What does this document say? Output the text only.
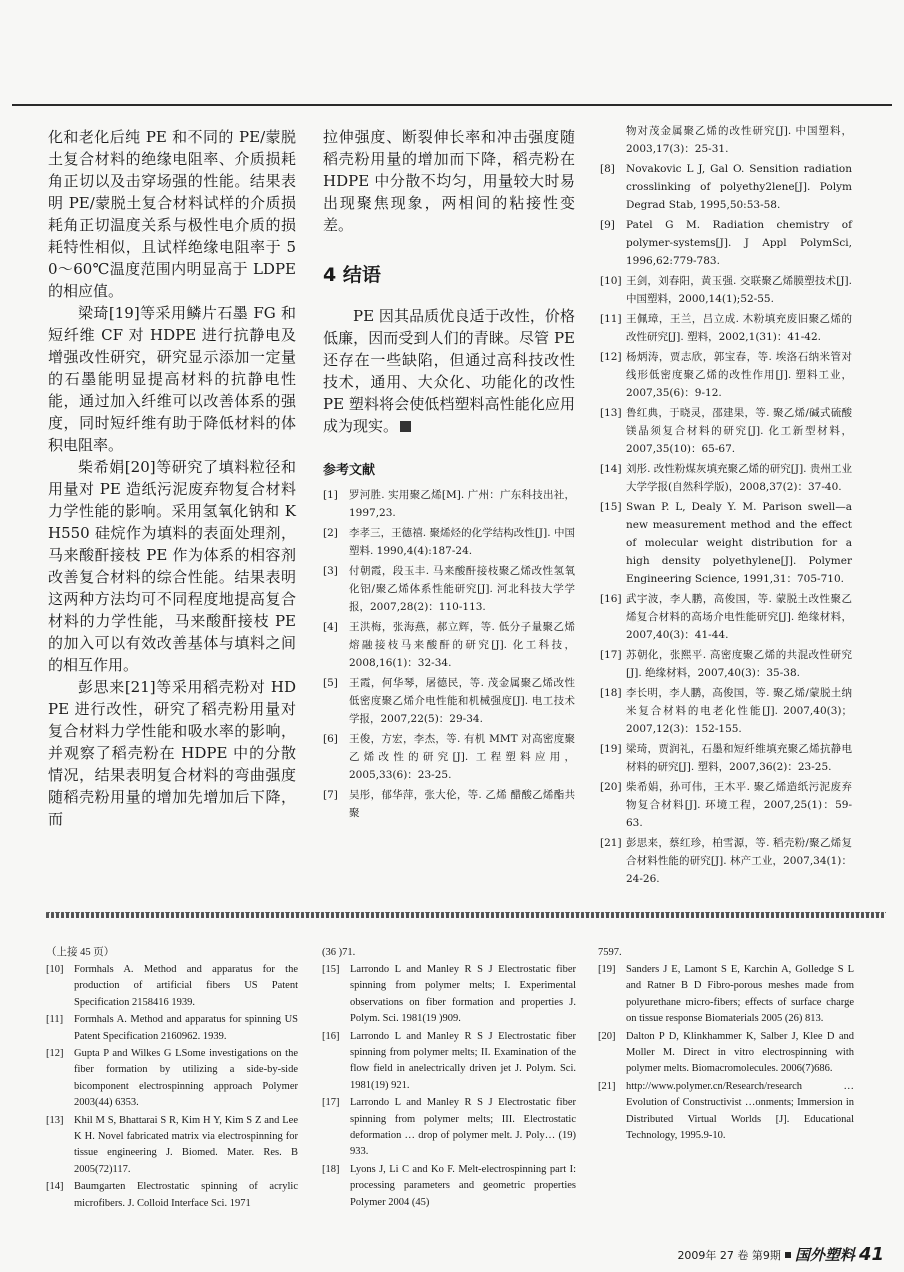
化和老化后纯 PE 和不同的 PE/蒙脱土复合材料的绝缘电阻率、介质损耗角正切以及击穿场强的性能。结果表明 PE/蒙脱土复合材料试样的介质损耗角正切温度关系与极性电介质的损耗特性相似，且试样绝缘电阻率于 50～60℃温度范围内明显高于 LDPE 的相应值。

梁琦[19]等采用鳞片石墨 FG 和短纤维 CF 对 HDPE 进行抗静电及增强改性研究，研究显示添加一定量的石墨能明显提高材料的抗静电性能，通过加入纤维可以改善体系的强度，同时短纤维有助于降低材料的体积电阻率。

柴希娟[20]等研究了填料粒径和用量对 PE 造纸污泥废弃物复合材料力学性能的影响。采用氢氧化钠和 KH550 硅烷作为填料的表面处理剂，马来酸酐接枝 PE 作为体系的相容剂改善复合材料的综合性能。结果表明这两种方法均可不同程度地提高复合材料的力学性能，马来酸酐接枝 PE 的加入可以有效改善基体与填料之间的相互作用。

彭思来[21]等采用稻壳粉对 HDPE 进行改性，研究了稻壳粉用量对复合材料力学性能和吸水率的影响，并观察了稻壳粉在 HDPE 中的分散情况，结果表明复合材料的弯曲强度随稻壳粉用量的增加先增加后下降，而

拉伸强度、断裂伸长率和冲击强度随稻壳粉用量的增加而下降，稻壳粉在 HDPE 中分散不均匀，用量较大时易出现聚焦现象，两相间的粘接性变差。

4 结语

PE 因其品质优良适于改性，价格低廉，因而受到人们的青睐。尽管 PE 还存在一些缺陷，但通过高科技改性技术，通用、大众化、功能化的改性 PE 塑料将会使低档塑料高性能化应用成为现实。

参考文献
[1] 罗河胜. 实用聚乙烯[M]. 广州：广东科技出社，1997,23.
[2] 李孝三，王德禧. 聚烯烃的化学结构改性[J]. 中国塑料. 1990,4(4):187-24.
[3] 付朝霞，段玉丰. 马来酸酐接枝聚乙烯改性氢氧化铝/聚乙烯体系性能研究[J]. 河北科技大学学报，2007,28(2)：110-113.
[4] 王洪梅，张海燕，郝立辉，等. 低分子量聚乙烯熔融接枝马来酸酐的研究[J]. 化工科技，2008,16(1)：32-34.
[5] 王霞，何华琴，屠德民，等. 茂金属聚乙烯改性低密度聚乙烯介电性能和机械强度[J]. 电工技术学报，2007,22(5)：29-34.
[6] 王俊，方宏，李杰，等. 有机 MMT 对高密度聚乙烯改性的研究[J]. 工程塑料应用，2005,33(6)：23-25.
[7] 吴彤，郁华萍，张大伦，等. 乙烯 醋酸乙烯酯共聚
物对茂金属聚乙烯的改性研究[J]. 中国塑料，2003,17(3)：25-31.
[8] Novakovic L J, Gal O. Sensition radiation crosslinking of polyethy2lene[J]. Polym Degrad Stab, 1995,50:53-58.
[9] Patel G M. Radiation chemistry of polymer-systems[J]. J Appl PolymSci, 1996,62:779-783.
[10] 王剑，刘春阳，黄玉强. 交联聚乙烯膜塑技术[J]. 中国塑料，2000,14(1);52-55.
[11] 王佩璋，王兰，吕立成. 木粉填充废旧聚乙烯的改性研究[J]. 塑料，2002,1(31)：41-42.
[12] 杨炳涛，贾志欣，郭宝春，等. 埃洛石纳米管对线形低密度聚乙烯的改性作用[J]. 塑料工业，2007,35(6)：9-12.
[13] 鲁红典，于晓灵，邵建果，等. 聚乙烯/碱式硫酸镁晶须复合材料的研究[J]. 化工新型材料，2007,35(10)：65-67.
[14] 刘彤. 改性粉煤灰填充聚乙烯的研究[J]. 贵州工业大学学报(自然科学版)，2008,37(2)：37-40.
[15] Swan P. L, Dealy Y. M. Parison swell—a new measurement method and the effect of molecular weight distribution for a high density polyethylene[J]. Polymer Engineering Science, 1991,31：705-710.
[16] 武宇波，李人鹏，高俊国，等. 蒙脱土改性聚乙烯复合材料的高场介电性能研究[J]. 绝缘材料，2007,40(3)：41-44.
[17] 苏朝化，张熙平. 高密度聚乙烯的共混改性研究[J]. 绝缘材料，2007,40(3)：35-38.
[18] 李长明，李人鹏，高俊国，等. 聚乙烯/蒙脱土纳米复合材料的电老化性能[J]. 2007,40(3)；2007,12(3)：152-155.
[19] 梁琦，贾润礼，石墨和短纤维填充聚乙烯抗静电材料的研究[J]. 塑料，2007,36(2)：23-25.
[20] 柴希娟，孙可伟，王木平. 聚乙烯造纸污泥废弃物复合材料[J]. 环境工程，2007,25(1)：59-63.
[21] 彭思来，蔡红珍，柏雪源，等. 稻壳粉/聚乙烯复合材料性能的研究[J]. 林产工业，2007,34(1)：24-26.
（上接 45 页）
[10] Formhals A. Method and apparatus for the production of artificial fibers US Patent Specification 2158416 1939.
[11] Formhals A. Method and apparatus for spinning US Patent Specification 2160962. 1939.
[12] Gupta P and Wilkes G LSome investigations on the fiber formation by utilizing a side-by-side bicomponent electrospinning approach Polymer 2003(44) 6353.
[13] Khil M S, Bhattarai S R, Kim H Y, Kim S Z and Lee K H. Novel fabricated matrix via electrospinning for tissue engineering J. Biomed. Mater. Res. B 2005(72)117.
[14] Baumgarten Electrostatic spinning of acrylic microfibers. J. Colloid Interface Sci. 1971
(36 )71.
[15] Larrondo L and Manley R S J Electrostatic fiber spinning from polymer melts; I. Experimental observations on fiber formation and properties J. Polym. Sci. 1981(19 )909.
[16] Larrondo L and Manley R S J Electrostatic fiber spinning from polymer melts; II. Examination of the flow field in anelectrically driven jet J. Polym. Sci. 1981(19) 921.
[17] Larrondo L and Manley R S J Electrostatic fiber spinning from polymer melts; III. Electrostatic deformation … drop of polymer melt. J. Poly… (19) 933.
[18] Lyons J, Li C and Ko F. Melt-electrospinning part I: processing parameters and geometric properties Polymer 2004 (45)
7597.
[19] Sanders J E, Lamont S E, Karchin A, Golledge S L and Ratner B D Fibro-porous meshes made from polyurethane micro-fibers; effects of surface charge on tissue response Biomaterials 2005 (26) 813.
[20] Dalton P D, Klinkhammer K, Salber J, Klee D and Moller M. Direct in vitro electrospinning with polymer melts. Biomacromolecules. 2006(7)686.
[21] http://www.polymer.cn/Research/research … Evolution of Constructivist …onments; Immersion in Distributed Virtual Worlds [J]. Educational Technology, 1995.9-10.
2009年 27 卷 第9期 国外塑料 41
